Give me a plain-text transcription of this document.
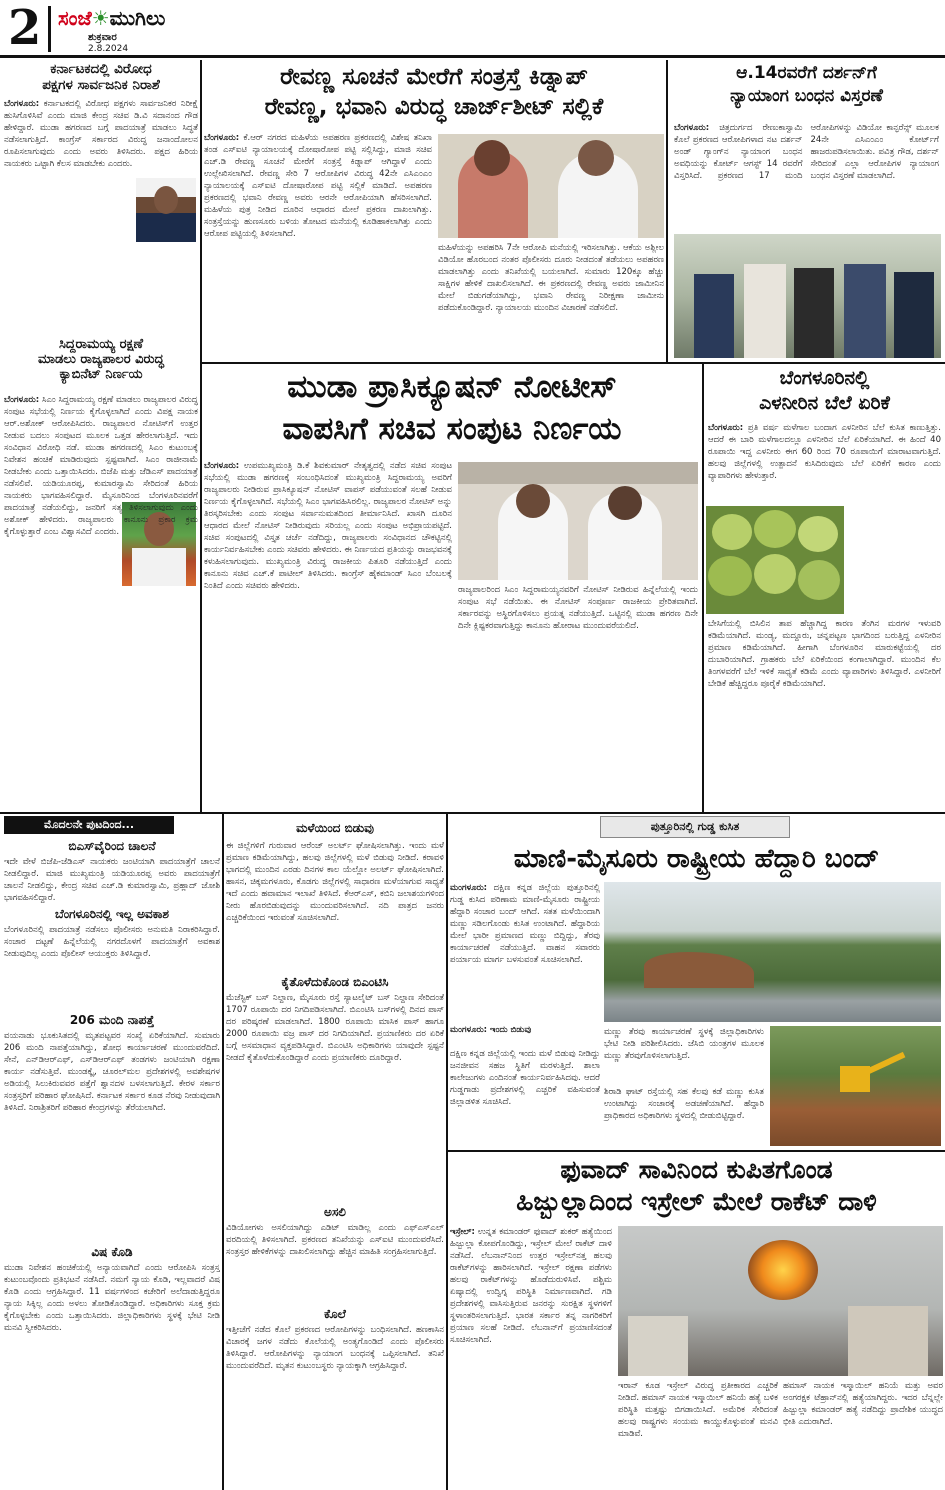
2 ಸಂಜೆ☀ಮುಗಿಲು
ಶುಕ್ರವಾರ
2.8.2024
ಕರ್ನಾಟಕದಲ್ಲಿ ವಿರೋಧ
ಪಕ್ಷಗಳ ಸಾರ್ವಜನಿಕ ನಿರಾಶೆ
ಬೆಂಗಳೂರು: ಕರ್ನಾಟಕದಲ್ಲಿ ವಿರೋಧ ಪಕ್ಷಗಳು ಸಾರ್ವಜನಿಕರ ನಿರೀಕ್ಷೆ ಹುಸಿಗೊಳಿಸಿವೆ ಎಂದು ಮಾಜಿ ಕೇಂದ್ರ ಸಚಿವ ಡಿ.ವಿ ಸದಾನಂದ ಗೌಡ ಹೇಳಿದ್ದಾರೆ. ಮುಡಾ ಹಗರಣದ ಬಗ್ಗೆ ಪಾದಯಾತ್ರೆ ಮಾಡಲು ಸಿದ್ಧತೆ ನಡೆಸಲಾಗುತ್ತಿದೆ. ಕಾಂಗ್ರೆಸ್ ಸರ್ಕಾರದ ವಿರುದ್ಧ ಜನಾಂದೋಲನ ರೂಪಿಸಲಾಗುವುದು ಎಂದು ಅವರು ತಿಳಿಸಿದರು. ಪಕ್ಷದ ಹಿರಿಯ ನಾಯಕರು ಒಟ್ಟಾಗಿ ಕೆಲಸ ಮಾಡಬೇಕು ಎಂದರು.
ಸಿದ್ದರಾಮಯ್ಯ ರಕ್ಷಣೆ
ಮಾಡಲು ರಾಜ್ಯಪಾಲರ ವಿರುದ್ಧ
ಕ್ಯಾಬಿನೆಟ್ ನಿರ್ಣಯ
ಬೆಂಗಳೂರು: ಸಿಎಂ ಸಿದ್ದರಾಮಯ್ಯ ರಕ್ಷಣೆ ಮಾಡಲು ರಾಜ್ಯಪಾಲರ ವಿರುದ್ಧ ಸಂಪುಟ ಸಭೆಯಲ್ಲಿ ನಿರ್ಣಯ ಕೈಗೊಳ್ಳಲಾಗಿದೆ ಎಂದು ವಿಪಕ್ಷ ನಾಯಕ ಆರ್.ಅಶೋಕ್ ಆರೋಪಿಸಿದರು. ರಾಜ್ಯಪಾಲರ ನೋಟಿಸ್‌ಗೆ ಉತ್ತರ ನೀಡುವ ಬದಲು ಸಂಪುಟದ ಮೂಲಕ ಒತ್ತಡ ಹೇರಲಾಗುತ್ತಿದೆ. ಇದು ಸಂವಿಧಾನ ವಿರೋಧಿ ನಡೆ. ಮುಡಾ ಹಗರಣದಲ್ಲಿ ಸಿಎಂ ಕುಟುಂಬಕ್ಕೆ ನಿವೇಶನ ಹಂಚಿಕೆ ಮಾಡಿರುವುದು ಸ್ಪಷ್ಟವಾಗಿದೆ. ಸಿಎಂ ರಾಜೀನಾಮೆ ನೀಡಬೇಕು ಎಂದು ಒತ್ತಾಯಿಸಿದರು. ಬಿಜೆಪಿ ಮತ್ತು ಜೆಡಿಎಸ್ ಪಾದಯಾತ್ರೆ ನಡೆಸಲಿವೆ. ಯಡಿಯೂರಪ್ಪ, ಕುಮಾರಸ್ವಾಮಿ ಸೇರಿದಂತೆ ಹಿರಿಯ ನಾಯಕರು ಭಾಗವಹಿಸಲಿದ್ದಾರೆ. ಮೈಸೂರಿನಿಂದ ಬೆಂಗಳೂರಿನವರೆಗೆ ಪಾದಯಾತ್ರೆ ನಡೆಯಲಿದ್ದು, ಜನರಿಗೆ ಸತ್ಯ ತಿಳಿಸಲಾಗುವುದು ಎಂದು ಅಶೋಕ್ ಹೇಳಿದರು. ರಾಜ್ಯಪಾಲರು ಕಾನೂನು ಪ್ರಕಾರ ಕ್ರಮ ಕೈಗೊಳ್ಳುತ್ತಾರೆ ಎಂಬ ವಿಶ್ವಾಸವಿದೆ ಎಂದರು.
ರೇವಣ್ಣ ಸೂಚನೆ ಮೇರೆಗೆ ಸಂತ್ರಸ್ತೆ ಕಿಡ್ನಾಪ್
ರೇವಣ್ಣ, ಭವಾನಿ ವಿರುದ್ಧ ಚಾರ್ಜ್‌ಶೀಟ್ ಸಲ್ಲಿಕೆ
ಬೆಂಗಳೂರು: ಕೆ.ಆರ್ ನಗರದ ಮಹಿಳೆಯ ಅಪಹರಣ ಪ್ರಕರಣದಲ್ಲಿ ವಿಶೇಷ ತನಿಖಾ ತಂಡ ಎಸ್‌ಐಟಿ ನ್ಯಾಯಾಲಯಕ್ಕೆ ದೋಷಾರೋಪ ಪಟ್ಟಿ ಸಲ್ಲಿಸಿದ್ದು, ಮಾಜಿ ಸಚಿವ ಎಚ್.ಡಿ ರೇವಣ್ಣ ಸೂಚನೆ ಮೇರೆಗೆ ಸಂತ್ರಸ್ತೆ ಕಿಡ್ನಾಪ್ ಆಗಿದ್ದಾಳೆ ಎಂದು ಉಲ್ಲೇಖಿಸಲಾಗಿದೆ. ರೇವಣ್ಣ ಸೇರಿ 7 ಆರೋಪಿಗಳ ವಿರುದ್ಧ 42ನೇ ಎಸಿಎಂಎಂ ನ್ಯಾಯಾಲಯಕ್ಕೆ ಎಸ್‌ಐಟಿ ದೋಷಾರೋಪ ಪಟ್ಟಿ ಸಲ್ಲಿಕೆ ಮಾಡಿದೆ. ಅಪಹರಣ ಪ್ರಕರಣದಲ್ಲಿ ಭವಾನಿ ರೇವಣ್ಣ ಅವರು ಆರನೇ ಆರೋಪಿಯಾಗಿ ಹೆಸರಿಸಲಾಗಿದೆ. ಮಹಿಳೆಯ ಪುತ್ರ ನೀಡಿದ ದೂರಿನ ಆಧಾರದ ಮೇಲೆ ಪ್ರಕರಣ ದಾಖಲಾಗಿತ್ತು. ಸಂತ್ರಸ್ತೆಯನ್ನು ಹುಣಸೂರು ಬಳಿಯ ತೋಟದ ಮನೆಯಲ್ಲಿ ಕೂಡಿಹಾಕಲಾಗಿತ್ತು ಎಂದು ಆರೋಪ ಪಟ್ಟಿಯಲ್ಲಿ ತಿಳಿಸಲಾಗಿದೆ.
ಮಹಿಳೆಯನ್ನು ಅಪಹರಿಸಿ 7ನೇ ಆರೋಪಿ ಮನೆಯಲ್ಲಿ ಇರಿಸಲಾಗಿತ್ತು. ಆಕೆಯ ಅಶ್ಲೀಲ ವಿಡಿಯೋ ಹೊರಬಂದ ನಂತರ ಪೊಲೀಸರು ದೂರು ನೀಡದಂತೆ ತಡೆಯಲು ಅಪಹರಣ ಮಾಡಲಾಗಿತ್ತು ಎಂದು ತನಿಖೆಯಲ್ಲಿ ಬಯಲಾಗಿದೆ. ಸುಮಾರು 120ಕ್ಕೂ ಹೆಚ್ಚು ಸಾಕ್ಷಿಗಳ ಹೇಳಿಕೆ ದಾಖಲಿಸಲಾಗಿದೆ. ಈ ಪ್ರಕರಣದಲ್ಲಿ ರೇವಣ್ಣ ಅವರು ಜಾಮೀನಿನ ಮೇಲೆ ಬಿಡುಗಡೆಯಾಗಿದ್ದು, ಭವಾನಿ ರೇವಣ್ಣ ನಿರೀಕ್ಷಣಾ ಜಾಮೀನು ಪಡೆದುಕೊಂಡಿದ್ದಾರೆ. ನ್ಯಾಯಾಲಯ ಮುಂದಿನ ವಿಚಾರಣೆ ನಡೆಸಲಿದೆ.
ಆ.14ರವರೆಗೆ ದರ್ಶನ್‌ಗೆ
ನ್ಯಾಯಾಂಗ ಬಂಧನ ವಿಸ್ತರಣೆ
ಬೆಂಗಳೂರು: ಚಿತ್ರದುರ್ಗದ ರೇಣುಕಾಸ್ವಾಮಿ ಕೊಲೆ ಪ್ರಕರಣದ ಆರೋಪಿಗಳಾದ ನಟ ದರ್ಶನ್ ಅಂಡ್ ಗ್ಯಾಂಗ್‌ನ ನ್ಯಾಯಾಂಗ ಬಂಧನ ಅವಧಿಯನ್ನು ಕೋರ್ಟ್ ಆಗಸ್ಟ್ 14 ರವರೆಗೆ ವಿಸ್ತರಿಸಿದೆ. ಪ್ರಕರಣದ 17 ಮಂದಿ ಆರೋಪಿಗಳನ್ನು ವಿಡಿಯೋ ಕಾನ್ಫರೆನ್ಸ್ ಮೂಲಕ 24ನೇ ಎಸಿಎಂಎಂ ಕೋರ್ಟ್‌ಗೆ ಹಾಜರುಪಡಿಸಲಾಯಿತು. ಪವಿತ್ರ ಗೌಡ, ದರ್ಶನ್ ಸೇರಿದಂತೆ ಎಲ್ಲಾ ಆರೋಪಿಗಳ ನ್ಯಾಯಾಂಗ ಬಂಧನ ವಿಸ್ತರಣೆ ಮಾಡಲಾಗಿದೆ.
ಮುಡಾ ಪ್ರಾಸಿಕ್ಯೂಷನ್ ನೋಟೀಸ್
ವಾಪಸಿಗೆ ಸಚಿವ ಸಂಪುಟ ನಿರ್ಣಯ
ಬೆಂಗಳೂರು: ಉಪಮುಖ್ಯಮಂತ್ರಿ ಡಿ.ಕೆ ಶಿವಕುಮಾರ್ ನೇತೃತ್ವದಲ್ಲಿ ನಡೆದ ಸಚಿವ ಸಂಪುಟ ಸಭೆಯಲ್ಲಿ ಮುಡಾ ಹಗರಣಕ್ಕೆ ಸಂಬಂಧಿಸಿದಂತೆ ಮುಖ್ಯಮಂತ್ರಿ ಸಿದ್ದರಾಮಯ್ಯ ಅವರಿಗೆ ರಾಜ್ಯಪಾಲರು ನೀಡಿರುವ ಪ್ರಾಸಿಕ್ಯೂಷನ್ ನೋಟಿಸ್ ವಾಪಸ್ ಪಡೆಯುವಂತೆ ಸಲಹೆ ನೀಡುವ ನಿರ್ಣಯ ಕೈಗೊಳ್ಳಲಾಗಿದೆ. ಸಭೆಯಲ್ಲಿ ಸಿಎಂ ಭಾಗವಹಿಸಿರಲಿಲ್ಲ. ರಾಜ್ಯಪಾಲರ ನೋಟಿಸ್ ಅನ್ನು ತಿರಸ್ಕರಿಸಬೇಕು ಎಂದು ಸಂಪುಟ ಸರ್ವಾನುಮತದಿಂದ ತೀರ್ಮಾನಿಸಿದೆ. ಖಾಸಗಿ ದೂರಿನ ಆಧಾರದ ಮೇಲೆ ನೋಟಿಸ್ ನೀಡಿರುವುದು ಸರಿಯಲ್ಲ ಎಂದು ಸಂಪುಟ ಅಭಿಪ್ರಾಯಪಟ್ಟಿದೆ. ಸಚಿವ ಸಂಪುಟದಲ್ಲಿ ವಿಸ್ತೃತ ಚರ್ಚೆ ನಡೆದಿದ್ದು, ರಾಜ್ಯಪಾಲರು ಸಂವಿಧಾನದ ಚೌಕಟ್ಟಿನಲ್ಲಿ ಕಾರ್ಯನಿರ್ವಹಿಸಬೇಕು ಎಂದು ಸಚಿವರು ಹೇಳಿದರು. ಈ ನಿರ್ಣಯದ ಪ್ರತಿಯನ್ನು ರಾಜಭವನಕ್ಕೆ ಕಳುಹಿಸಲಾಗುವುದು. ಮುಖ್ಯಮಂತ್ರಿ ವಿರುದ್ಧ ರಾಜಕೀಯ ಪಿತೂರಿ ನಡೆಯುತ್ತಿದೆ ಎಂದು ಕಾನೂನು ಸಚಿವ ಎಚ್.ಕೆ ಪಾಟೀಲ್ ತಿಳಿಸಿದರು. ಕಾಂಗ್ರೆಸ್ ಹೈಕಮಾಂಡ್ ಸಿಎಂ ಬೆಂಬಲಕ್ಕೆ ನಿಂತಿದೆ ಎಂದು ಸಚಿವರು ಹೇಳಿದರು.	ರಾಜ್ಯಪಾಲರಿಂದ ಸಿಎಂ ಸಿದ್ದರಾಮಯ್ಯನವರಿಗೆ ನೋಟಿಸ್ ನೀಡಿರುವ ಹಿನ್ನೆಲೆಯಲ್ಲಿ ಇಂದು ಸಂಪುಟ ಸಭೆ ನಡೆಯಿತು. ಈ ನೋಟಿಸ್ ಸಂಪೂರ್ಣ ರಾಜಕೀಯ ಪ್ರೇರಿತವಾಗಿದೆ. ಸರ್ಕಾರವನ್ನು ಅಸ್ಥಿರಗೊಳಿಸಲು ಪ್ರಯತ್ನ ನಡೆಯುತ್ತಿದೆ. ಒಟ್ಟಿನಲ್ಲಿ ಮುಡಾ ಹಗರಣ ದಿನೇ ದಿನೇ ಕ್ಲಿಷ್ಟಕರವಾಗುತ್ತಿದ್ದು ಕಾನೂನು ಹೋರಾಟ ಮುಂದುವರೆಯಲಿದೆ.
ಬೆಂಗಳೂರಿನಲ್ಲಿ
ಎಳನೀರಿನ ಬೆಲೆ ಏರಿಕೆ
ಬೆಂಗಳೂರು: ಪ್ರತಿ ವರ್ಷ ಮಳೆಗಾಲ ಬಂದಾಗ ಎಳನೀರಿನ ಬೆಲೆ ಕುಸಿತ ಕಾಣುತ್ತಿತ್ತು. ಆದರೆ ಈ ಬಾರಿ ಮಳೆಗಾಲದಲ್ಲೂ ಎಳನೀರಿನ ಬೆಲೆ ಏರಿಕೆಯಾಗಿದೆ. ಈ ಹಿಂದೆ 40 ರೂಪಾಯಿ ಇದ್ದ ಎಳನೀರು ಈಗ 60 ರಿಂದ 70 ರೂಪಾಯಿಗೆ ಮಾರಾಟವಾಗುತ್ತಿದೆ. ಹಲವು ಜಿಲ್ಲೆಗಳಲ್ಲಿ ಉತ್ಪಾದನೆ ಕುಸಿದಿರುವುದು ಬೆಲೆ ಏರಿಕೆಗೆ ಕಾರಣ ಎಂದು ವ್ಯಾಪಾರಿಗಳು ಹೇಳುತ್ತಾರೆ.
ಬೇಸಿಗೆಯಲ್ಲಿ ಬಿಸಿಲಿನ ತಾಪ ಹೆಚ್ಚಾಗಿದ್ದ ಕಾರಣ ತೆಂಗಿನ ಮರಗಳ ಇಳುವರಿ ಕಡಿಮೆಯಾಗಿದೆ. ಮಂಡ್ಯ, ಮದ್ದೂರು, ಚನ್ನಪಟ್ಟಣ ಭಾಗದಿಂದ ಬರುತ್ತಿದ್ದ ಎಳನೀರಿನ ಪ್ರಮಾಣ ಕಡಿಮೆಯಾಗಿದೆ. ಹೀಗಾಗಿ ಬೆಂಗಳೂರಿನ ಮಾರುಕಟ್ಟೆಯಲ್ಲಿ ದರ ದುಬಾರಿಯಾಗಿದೆ. ಗ್ರಾಹಕರು ಬೆಲೆ ಏರಿಕೆಯಿಂದ ಕಂಗಾಲಾಗಿದ್ದಾರೆ. ಮುಂದಿನ ಕೆಲ ತಿಂಗಳವರೆಗೆ ಬೆಲೆ ಇಳಿಕೆ ಸಾಧ್ಯತೆ ಕಡಿಮೆ ಎಂದು ವ್ಯಾಪಾರಿಗಳು ತಿಳಿಸಿದ್ದಾರೆ. ಎಳನೀರಿಗೆ ಬೇಡಿಕೆ ಹೆಚ್ಚಿದ್ದರೂ ಪೂರೈಕೆ ಕಡಿಮೆಯಾಗಿದೆ.
ಮೊದಲನೇ ಪುಟದಿಂದ...
ಬಿಎಸ್‌ವೈರಿಂದ ಚಾಲನೆ
ಇದೇ ವೇಳೆ ಬಿಜೆಪಿ-ಜೆಡಿಎಸ್ ನಾಯಕರು ಜಂಟಿಯಾಗಿ ಪಾದಯಾತ್ರೆಗೆ ಚಾಲನೆ ನೀಡಲಿದ್ದಾರೆ. ಮಾಜಿ ಮುಖ್ಯಮಂತ್ರಿ ಯಡಿಯೂರಪ್ಪ ಅವರು ಪಾದಯಾತ್ರೆಗೆ ಚಾಲನೆ ನೀಡಲಿದ್ದು, ಕೇಂದ್ರ ಸಚಿವ ಎಚ್.ಡಿ ಕುಮಾರಸ್ವಾಮಿ, ಪ್ರಹ್ಲಾದ್ ಜೋಶಿ ಭಾಗವಹಿಸಲಿದ್ದಾರೆ.
ಬೆಂಗಳೂರಿನಲ್ಲಿ ಇಲ್ಲ ಅವಕಾಶ
ಬೆಂಗಳೂರಿನಲ್ಲಿ ಪಾದಯಾತ್ರೆ ನಡೆಸಲು ಪೊಲೀಸರು ಅನುಮತಿ ನಿರಾಕರಿಸಿದ್ದಾರೆ. ಸಂಚಾರ ದಟ್ಟಣೆ ಹಿನ್ನೆಲೆಯಲ್ಲಿ ನಗರದೊಳಗೆ ಪಾದಯಾತ್ರೆಗೆ ಅವಕಾಶ ನೀಡುವುದಿಲ್ಲ ಎಂದು ಪೊಲೀಸ್ ಆಯುಕ್ತರು ತಿಳಿಸಿದ್ದಾರೆ.
206 ಮಂದಿ ನಾಪತ್ತೆ
ವಯನಾಡು ಭೂಕುಸಿತದಲ್ಲಿ ಮೃತಪಟ್ಟವರ ಸಂಖ್ಯೆ ಏರಿಕೆಯಾಗಿದೆ. ಸುಮಾರು 206 ಮಂದಿ ನಾಪತ್ತೆಯಾಗಿದ್ದು, ಶೋಧ ಕಾರ್ಯಾಚರಣೆ ಮುಂದುವರೆದಿದೆ. ಸೇನೆ, ಎನ್‌ಡಿಆರ್‌ಎಫ್, ಎಸ್‌ಡಿಆರ್‌ಎಫ್ ತಂಡಗಳು ಜಂಟಿಯಾಗಿ ರಕ್ಷಣಾ ಕಾರ್ಯ ನಡೆಸುತ್ತಿವೆ. ಮುಂಡಕ್ಕೈ, ಚೂರಲ್‌ಮಲ ಪ್ರದೇಶಗಳಲ್ಲಿ ಅವಶೇಷಗಳ ಅಡಿಯಲ್ಲಿ ಸಿಲುಕಿರುವವರ ಪತ್ತೆಗೆ ಶ್ವಾನದಳ ಬಳಸಲಾಗುತ್ತಿದೆ. ಕೇರಳ ಸರ್ಕಾರ ಸಂತ್ರಸ್ತರಿಗೆ ಪರಿಹಾರ ಘೋಷಿಸಿದೆ. ಕರ್ನಾಟಕ ಸರ್ಕಾರ ಕೂಡ ನೆರವು ನೀಡುವುದಾಗಿ ತಿಳಿಸಿದೆ. ನಿರಾಶ್ರಿತರಿಗೆ ಪರಿಹಾರ ಕೇಂದ್ರಗಳನ್ನು ತೆರೆಯಲಾಗಿದೆ.
ವಿಷ ಕೊಡಿ
ಮುಡಾ ನಿವೇಶನ ಹಂಚಿಕೆಯಲ್ಲಿ ಅನ್ಯಾಯವಾಗಿದೆ ಎಂದು ಆರೋಪಿಸಿ ಸಂತ್ರಸ್ತ ಕುಟುಂಬವೊಂದು ಪ್ರತಿಭಟನೆ ನಡೆಸಿದೆ. ನಮಗೆ ನ್ಯಾಯ ಕೊಡಿ, ಇಲ್ಲವಾದರೆ ವಿಷ ಕೊಡಿ ಎಂದು ಆಗ್ರಹಿಸಿದ್ದಾರೆ. 11 ವರ್ಷಗಳಿಂದ ಕಚೇರಿಗೆ ಅಲೆದಾಡುತ್ತಿದ್ದರೂ ನ್ಯಾಯ ಸಿಕ್ಕಿಲ್ಲ ಎಂದು ಅಳಲು ತೋಡಿಕೊಂಡಿದ್ದಾರೆ. ಅಧಿಕಾರಿಗಳು ಸೂಕ್ತ ಕ್ರಮ ಕೈಗೊಳ್ಳಬೇಕು ಎಂದು ಒತ್ತಾಯಿಸಿದರು. ಜಿಲ್ಲಾಧಿಕಾರಿಗಳು ಸ್ಥಳಕ್ಕೆ ಭೇಟಿ ನೀಡಿ ಮನವಿ ಸ್ವೀಕರಿಸಿದರು.
ಮಳೆಯಿಂದ ಬಿಡುವು
ಈ ಜಿಲ್ಲೆಗಳಿಗೆ ಗುರುವಾರ ಆರೆಂಜ್ ಅಲರ್ಟ್ ಘೋಷಿಸಲಾಗಿತ್ತು. ಇಂದು ಮಳೆ ಪ್ರಮಾಣ ಕಡಿಮೆಯಾಗಿದ್ದು, ಹಲವು ಜಿಲ್ಲೆಗಳಲ್ಲಿ ಮಳೆ ಬಿಡುವು ನೀಡಿದೆ. ಕರಾವಳಿ ಭಾಗದಲ್ಲಿ ಮುಂದಿನ ಎರಡು ದಿನಗಳ ಕಾಲ ಯೆಲ್ಲೋ ಅಲರ್ಟ್ ಘೋಷಿಸಲಾಗಿದೆ. ಹಾಸನ, ಚಿಕ್ಕಮಗಳೂರು, ಕೊಡಗು ಜಿಲ್ಲೆಗಳಲ್ಲಿ ಸಾಧಾರಣ ಮಳೆಯಾಗುವ ಸಾಧ್ಯತೆ ಇದೆ ಎಂದು ಹವಾಮಾನ ಇಲಾಖೆ ತಿಳಿಸಿದೆ. ಕೆಆರ್‌ಎಸ್, ಕಬಿನಿ ಜಲಾಶಯಗಳಿಂದ ನೀರು ಹೊರಬಿಡುವುದನ್ನು ಮುಂದುವರಿಸಲಾಗಿದೆ. ನದಿ ಪಾತ್ರದ ಜನರು ಎಚ್ಚರಿಕೆಯಿಂದ ಇರುವಂತೆ ಸೂಚಿಸಲಾಗಿದೆ.
ಕೈತೊಳೆದುಕೊಂಡ ಬಿಎಂಟಿಸಿ
ಮೆಜೆಸ್ಟಿಕ್ ಬಸ್ ನಿಲ್ದಾಣ, ಮೈಸೂರು ರಸ್ತೆ ಸ್ಯಾಟಲೈಟ್ ಬಸ್ ನಿಲ್ದಾಣ ಸೇರಿದಂತೆ 1707 ರೂಪಾಯಿ ದರ ನಿಗದಿಪಡಿಸಲಾಗಿದೆ. ಬಿಎಂಟಿಸಿ ಬಸ್‌ಗಳಲ್ಲಿ ದಿನದ ಪಾಸ್ ದರ ಪರಿಷ್ಕರಣೆ ಮಾಡಲಾಗಿದೆ. 1800 ರೂಪಾಯಿ ಮಾಸಿಕ ಪಾಸ್ ಹಾಗೂ 2000 ರೂಪಾಯಿ ವಜ್ರ ಪಾಸ್ ದರ ನಿಗದಿಯಾಗಿದೆ. ಪ್ರಯಾಣಿಕರು ದರ ಏರಿಕೆ ಬಗ್ಗೆ ಅಸಮಾಧಾನ ವ್ಯಕ್ತಪಡಿಸಿದ್ದಾರೆ. ಬಿಎಂಟಿಸಿ ಅಧಿಕಾರಿಗಳು ಯಾವುದೇ ಸ್ಪಷ್ಟನೆ ನೀಡದೆ ಕೈತೊಳೆದುಕೊಂಡಿದ್ದಾರೆ ಎಂದು ಪ್ರಯಾಣಿಕರು ದೂರಿದ್ದಾರೆ.
ಅಸಲಿ
ವಿಡಿಯೋಗಳು ಅಸಲಿಯಾಗಿದ್ದು ಎಡಿಟ್ ಮಾಡಿಲ್ಲ ಎಂದು ಎಫ್‌ಎಸ್‌ಎಲ್ ವರದಿಯಲ್ಲಿ ತಿಳಿಸಲಾಗಿದೆ. ಪ್ರಕರಣದ ತನಿಖೆಯನ್ನು ಎಸ್‌ಐಟಿ ಮುಂದುವರೆಸಿದೆ. ಸಂತ್ರಸ್ತರ ಹೇಳಿಕೆಗಳನ್ನು ದಾಖಲಿಸಲಾಗಿದ್ದು ಹೆಚ್ಚಿನ ಮಾಹಿತಿ ಸಂಗ್ರಹಿಸಲಾಗುತ್ತಿದೆ.
ಕೊಲೆ
ಇತ್ತೀಚೆಗೆ ನಡೆದ ಕೊಲೆ ಪ್ರಕರಣದ ಆರೋಪಿಗಳನ್ನು ಬಂಧಿಸಲಾಗಿದೆ. ಹಣಕಾಸಿನ ವಿಚಾರಕ್ಕೆ ಜಗಳ ನಡೆದು ಕೊಲೆಯಲ್ಲಿ ಅಂತ್ಯಗೊಂಡಿದೆ ಎಂದು ಪೊಲೀಸರು ತಿಳಿಸಿದ್ದಾರೆ. ಆರೋಪಿಗಳನ್ನು ನ್ಯಾಯಾಂಗ ಬಂಧನಕ್ಕೆ ಒಪ್ಪಿಸಲಾಗಿದೆ. ತನಿಖೆ ಮುಂದುವರೆದಿದೆ. ಮೃತನ ಕುಟುಂಬಸ್ಥರು ನ್ಯಾಯಕ್ಕಾಗಿ ಆಗ್ರಹಿಸಿದ್ದಾರೆ.
ಪುತ್ತೂರಿನಲ್ಲಿ ಗುಡ್ಡ ಕುಸಿತ
ಮಾಣಿ-ಮೈಸೂರು ರಾಷ್ಟ್ರೀಯ ಹೆದ್ದಾರಿ ಬಂದ್
ಮಂಗಳೂರು: ದಕ್ಷಿಣ ಕನ್ನಡ ಜಿಲ್ಲೆಯ ಪುತ್ತೂರಿನಲ್ಲಿ ಗುಡ್ಡ ಕುಸಿದ ಪರಿಣಾಮ ಮಾಣಿ-ಮೈಸೂರು ರಾಷ್ಟ್ರೀಯ ಹೆದ್ದಾರಿ ಸಂಚಾರ ಬಂದ್ ಆಗಿದೆ. ಸತತ ಮಳೆಯಿಂದಾಗಿ ಮಣ್ಣು ಸಡಿಲಗೊಂಡು ಕುಸಿತ ಉಂಟಾಗಿದೆ. ಹೆದ್ದಾರಿಯ ಮೇಲೆ ಭಾರೀ ಪ್ರಮಾಣದ ಮಣ್ಣು ಬಿದ್ದಿದ್ದು, ತೆರವು ಕಾರ್ಯಾಚರಣೆ ನಡೆಯುತ್ತಿದೆ. ವಾಹನ ಸವಾರರು ಪರ್ಯಾಯ ಮಾರ್ಗ ಬಳಸುವಂತೆ ಸೂಚಿಸಲಾಗಿದೆ.
ಮಣ್ಣು ತೆರವು ಕಾರ್ಯಾಚರಣೆ ಸ್ಥಳಕ್ಕೆ ಜಿಲ್ಲಾಧಿಕಾರಿಗಳು ಭೇಟಿ ನೀಡಿ ಪರಿಶೀಲಿಸಿದರು. ಜೆಸಿಬಿ ಯಂತ್ರಗಳ ಮೂಲಕ ಮಣ್ಣು ತೆರವುಗೊಳಿಸಲಾಗುತ್ತಿದೆ.
ಮಂಗಳೂರು: ಇಂದು ಬಿಡುವು
ದಕ್ಷಿಣ ಕನ್ನಡ ಜಿಲ್ಲೆಯಲ್ಲಿ ಇಂದು ಮಳೆ ಬಿಡುವು ನೀಡಿದ್ದು ಜನಜೀವನ ಸಹಜ ಸ್ಥಿತಿಗೆ ಮರಳುತ್ತಿದೆ. ಶಾಲಾ ಕಾಲೇಜುಗಳು ಎಂದಿನಂತೆ ಕಾರ್ಯನಿರ್ವಹಿಸಿದವು. ಆದರೆ ಗುಡ್ಡಗಾಡು ಪ್ರದೇಶಗಳಲ್ಲಿ ಎಚ್ಚರಿಕೆ ವಹಿಸುವಂತೆ ಜಿಲ್ಲಾಡಳಿತ ಸೂಚಿಸಿದೆ.
ಶಿರಾಡಿ ಘಾಟ್ ರಸ್ತೆಯಲ್ಲಿ ಸಹ ಕೆಲವು ಕಡೆ ಮಣ್ಣು ಕುಸಿತ ಉಂಟಾಗಿದ್ದು ಸಂಚಾರಕ್ಕೆ ಅಡಚಣೆಯಾಗಿದೆ. ಹೆದ್ದಾರಿ ಪ್ರಾಧಿಕಾರದ ಅಧಿಕಾರಿಗಳು ಸ್ಥಳದಲ್ಲಿ ಬೀಡುಬಿಟ್ಟಿದ್ದಾರೆ.
ಫುವಾದ್ ಸಾವಿನಿಂದ ಕುಪಿತಗೊಂಡ
ಹಿಜ್ಬುಲ್ಲಾದಿಂದ ಇಸ್ರೇಲ್ ಮೇಲೆ ರಾಕೆಟ್ ದಾಳಿ
ಇಸ್ರೇಲ್: ಉನ್ನತ ಕಮಾಂಡರ್ ಫುವಾದ್ ಶುಕರ್ ಹತ್ಯೆಯಿಂದ ಹಿಜ್ಬುಲ್ಲಾ ಕೋಪಗೊಂಡಿದ್ದು, ಇಸ್ರೇಲ್ ಮೇಲೆ ರಾಕೆಟ್ ದಾಳಿ ನಡೆಸಿದೆ. ಲೆಬನಾನ್‌ನಿಂದ ಉತ್ತರ ಇಸ್ರೇಲ್‌ನತ್ತ ಹಲವು ರಾಕೆಟ್‌ಗಳನ್ನು ಹಾರಿಸಲಾಗಿದೆ. ಇಸ್ರೇಲ್ ರಕ್ಷಣಾ ಪಡೆಗಳು ಹಲವು ರಾಕೆಟ್‌ಗಳನ್ನು ಹೊಡೆದುರುಳಿಸಿವೆ. ಪಶ್ಚಿಮ ಏಷ್ಯಾದಲ್ಲಿ ಉದ್ವಿಗ್ನ ಪರಿಸ್ಥಿತಿ ನಿರ್ಮಾಣವಾಗಿದೆ. ಗಡಿ ಪ್ರದೇಶಗಳಲ್ಲಿ ವಾಸಿಸುತ್ತಿರುವ ಜನರನ್ನು ಸುರಕ್ಷಿತ ಸ್ಥಳಗಳಿಗೆ ಸ್ಥಳಾಂತರಿಸಲಾಗುತ್ತಿದೆ. ಭಾರತ ಸರ್ಕಾರ ತನ್ನ ನಾಗರಿಕರಿಗೆ ಪ್ರಯಾಣ ಸಲಹೆ ನೀಡಿದೆ. ಲೆಬನಾನ್‌ಗೆ ಪ್ರಯಾಣಿಸದಂತೆ ಸೂಚಿಸಲಾಗಿದೆ.
ಇರಾನ್ ಕೂಡ ಇಸ್ರೇಲ್ ವಿರುದ್ಧ ಪ್ರತೀಕಾರದ ಎಚ್ಚರಿಕೆ ನೀಡಿದೆ. ಹಮಾಸ್ ನಾಯಕ ಇಸ್ಮಾಯಿಲ್ ಹನಿಯೆ ಹತ್ಯೆ ಬಳಿಕ ಪರಿಸ್ಥಿತಿ ಮತ್ತಷ್ಟು ಬಿಗಡಾಯಿಸಿದೆ. ಅಮೆರಿಕ ಸೇರಿದಂತೆ ಹಲವು ರಾಷ್ಟ್ರಗಳು ಸಂಯಮ ಕಾಯ್ದುಕೊಳ್ಳುವಂತೆ ಮನವಿ ಮಾಡಿವೆ.
ಹಮಾಸ್ ನಾಯಕ ಇಸ್ಮಾಯಿಲ್ ಹನಿಯೆ ಮತ್ತು ಅವರ ಅಂಗರಕ್ಷಕ ಟೆಹ್ರಾನ್‌ನಲ್ಲಿ ಹತ್ಯೆಯಾಗಿದ್ದರು. ಇದರ ಬೆನ್ನಲ್ಲೇ ಹಿಜ್ಬುಲ್ಲಾ ಕಮಾಂಡರ್ ಹತ್ಯೆ ನಡೆದಿದ್ದು ಪ್ರಾದೇಶಿಕ ಯುದ್ಧದ ಭೀತಿ ಎದುರಾಗಿದೆ.
